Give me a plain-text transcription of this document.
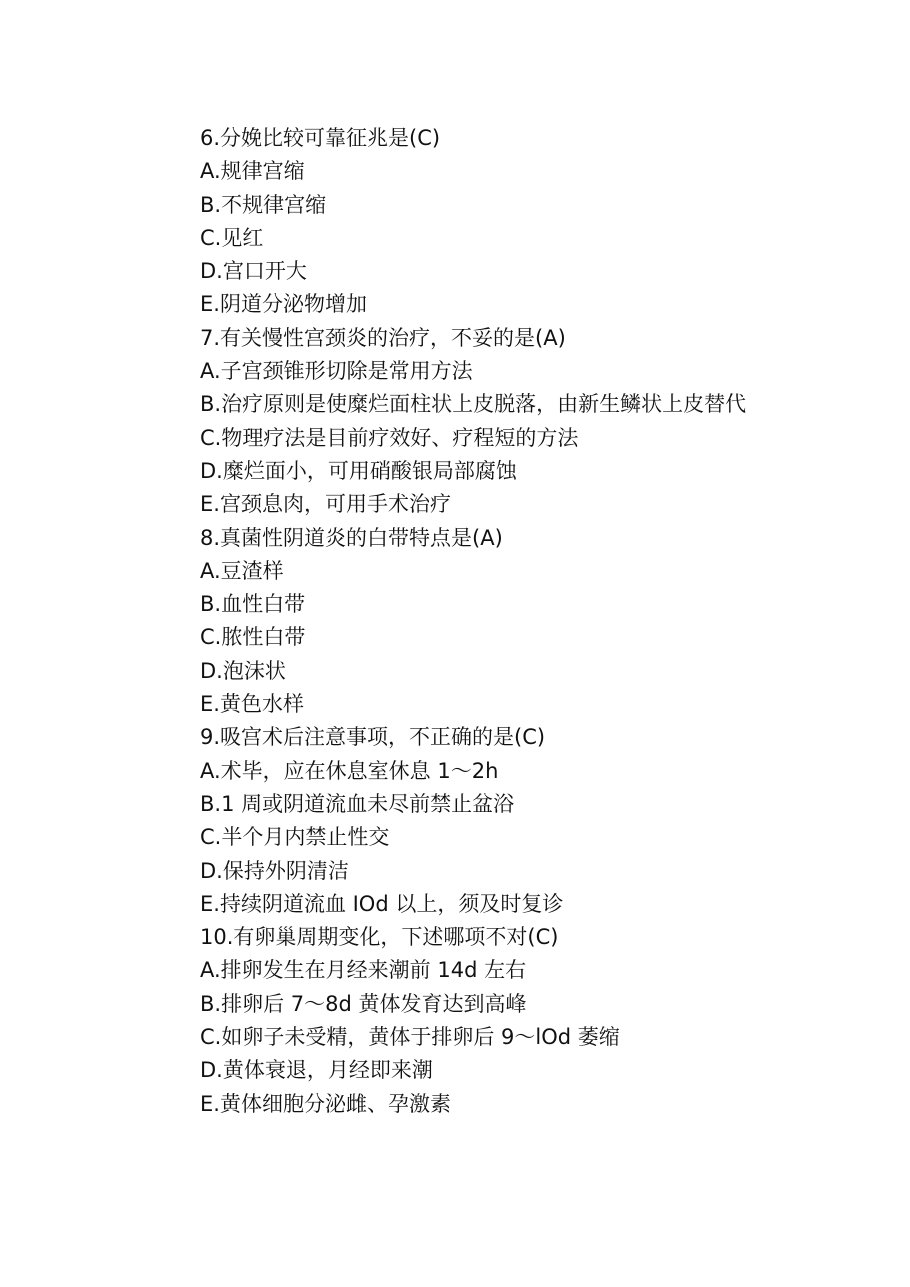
6.分娩比较可靠征兆是(C)

A.规律宫缩

B.不规律宫缩

C.见红

D.宫口开大

E.阴道分泌物增加

7.有关慢性宫颈炎的治疗，不妥的是(A)

A.子宫颈锥形切除是常用方法

B.治疗原则是使糜烂面柱状上皮脱落，由新生鳞状上皮替代

C.物理疗法是目前疗效好、疗程短的方法

D.糜烂面小，可用硝酸银局部腐蚀

E.宫颈息肉，可用手术治疗

8.真菌性阴道炎的白带特点是(A)

A.豆渣样

B.血性白带

C.脓性白带

D.泡沫状

E.黄色水样

9.吸宫术后注意事项，不正确的是(C)

A.术毕，应在休息室休息 1～2h

B.1 周或阴道流血未尽前禁止盆浴

C.半个月内禁止性交

D.保持外阴清洁

E.持续阴道流血 IOd 以上，须及时复诊

10.有卵巢周期变化，下述哪项不对(C)

A.排卵发生在月经来潮前 14d 左右

B.排卵后 7～8d 黄体发育达到高峰

C.如卵子未受精，黄体于排卵后 9～lOd 萎缩

D.黄体衰退，月经即来潮

E.黄体细胞分泌雌、孕激素
